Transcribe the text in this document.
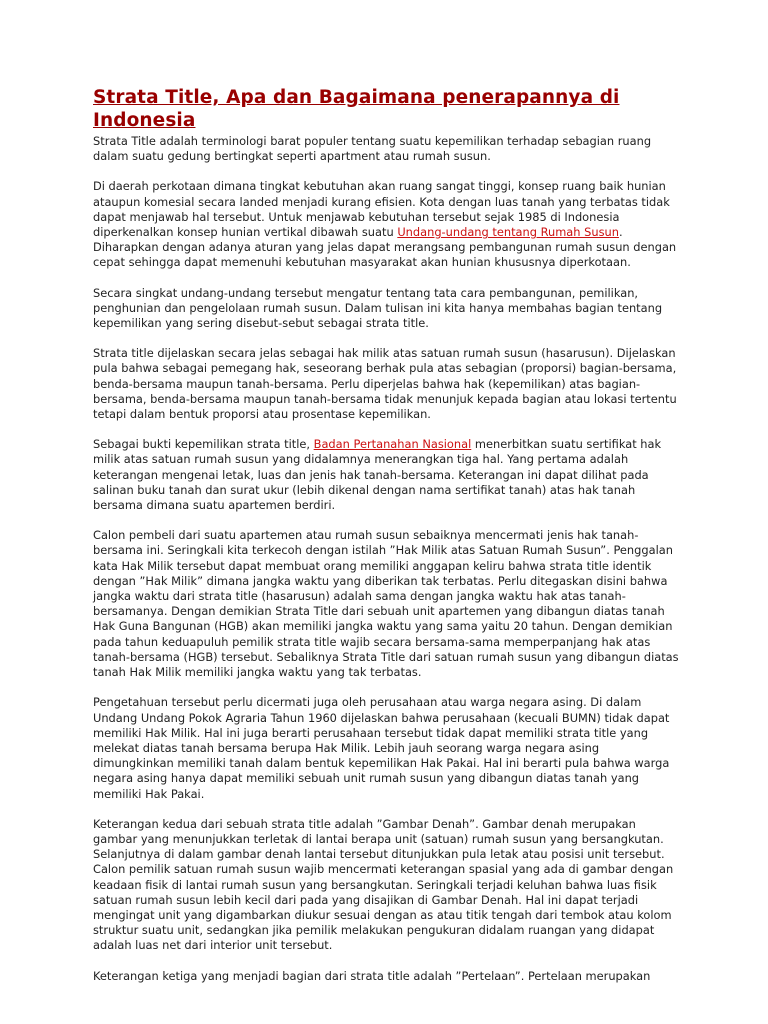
Strata Title, Apa dan Bagaimana penerapannya di Indonesia

Strata Title adalah terminologi barat populer tentang suatu kepemilikan terhadap sebagian ruang dalam suatu gedung bertingkat seperti apartment atau rumah susun.

Di daerah perkotaan dimana tingkat kebutuhan akan ruang sangat tinggi, konsep ruang baik hunian ataupun komesial secara landed menjadi kurang efisien. Kota dengan luas tanah yang terbatas tidak dapat menjawab hal tersebut. Untuk menjawab kebutuhan tersebut sejak 1985 di Indonesia diperkenalkan konsep hunian vertikal dibawah suatu Undang-undang tentang Rumah Susun. Diharapkan dengan adanya aturan yang jelas dapat merangsang pembangunan rumah susun dengan cepat sehingga dapat memenuhi kebutuhan masyarakat akan hunian khususnya diperkotaan.

Secara singkat undang-undang tersebut mengatur tentang tata cara pembangunan, pemilikan, penghunian dan pengelolaan rumah susun. Dalam tulisan ini kita hanya membahas bagian tentang kepemilikan yang sering disebut-sebut sebagai strata title.

Strata title dijelaskan secara jelas sebagai hak milik atas satuan rumah susun (hasarusun). Dijelaskan pula bahwa sebagai pemegang hak, seseorang berhak pula atas sebagian (proporsi) bagian-bersama, benda-bersama maupun tanah-bersama. Perlu diperjelas bahwa hak (kepemilikan) atas bagian-bersama, benda-bersama maupun tanah-bersama tidak menunjuk kepada bagian atau lokasi tertentu tetapi dalam bentuk proporsi atau prosentase kepemilikan.

Sebagai bukti kepemilikan strata title, Badan Pertanahan Nasional menerbitkan suatu sertifikat hak milik atas satuan rumah susun yang didalamnya menerangkan tiga hal. Yang pertama adalah keterangan mengenai letak, luas dan jenis hak tanah-bersama. Keterangan ini dapat dilihat pada salinan buku tanah dan surat ukur (lebih dikenal dengan nama sertifikat tanah) atas hak tanah bersama dimana suatu apartemen berdiri.

Calon pembeli dari suatu apartemen atau rumah susun sebaiknya mencermati jenis hak tanah-bersama ini. Seringkali kita terkecoh dengan istilah ”Hak Milik atas Satuan Rumah Susun”. Penggalan kata Hak Milik tersebut dapat membuat orang memiliki anggapan keliru bahwa strata title identik dengan ”Hak Milik” dimana jangka waktu yang diberikan tak terbatas. Perlu ditegaskan disini bahwa jangka waktu dari strata title (hasarusun) adalah sama dengan jangka waktu hak atas tanah-bersamanya. Dengan demikian Strata Title dari sebuah unit apartemen yang dibangun diatas tanah Hak Guna Bangunan (HGB) akan memiliki jangka waktu yang sama yaitu 20 tahun. Dengan demikian pada tahun keduapuluh pemilik strata title wajib secara bersama-sama memperpanjang hak atas tanah-bersama (HGB) tersebut. Sebaliknya Strata Title dari satuan rumah susun yang dibangun diatas tanah Hak Milik memiliki jangka waktu yang tak terbatas.

Pengetahuan tersebut perlu dicermati juga oleh perusahaan atau warga negara asing. Di dalam Undang Undang Pokok Agraria Tahun 1960 dijelaskan bahwa perusahaan (kecuali BUMN) tidak dapat memiliki Hak Milik. Hal ini juga berarti perusahaan tersebut tidak dapat memiliki strata title yang melekat diatas tanah bersama berupa Hak Milik. Lebih jauh seorang warga negara asing dimungkinkan memiliki tanah dalam bentuk kepemilikan Hak Pakai. Hal ini berarti pula bahwa warga negara asing hanya dapat memiliki sebuah unit rumah susun yang dibangun diatas tanah yang memiliki Hak Pakai.

Keterangan kedua dari sebuah strata title adalah ”Gambar Denah”. Gambar denah merupakan gambar yang menunjukkan terletak di lantai berapa unit (satuan) rumah susun yang bersangkutan. Selanjutnya di dalam gambar denah lantai tersebut ditunjukkan pula letak atau posisi unit tersebut. Calon pemilik satuan rumah susun wajib mencermati keterangan spasial yang ada di gambar dengan keadaan fisik di lantai rumah susun yang bersangkutan. Seringkali terjadi keluhan bahwa luas fisik satuan rumah susun lebih kecil dari pada yang disajikan di Gambar Denah. Hal ini dapat terjadi mengingat unit yang digambarkan diukur sesuai dengan as atau titik tengah dari tembok atau kolom struktur suatu unit, sedangkan jika pemilik melakukan pengukuran didalam ruangan yang didapat adalah luas net dari interior unit tersebut.

Keterangan ketiga yang menjadi bagian dari strata title adalah ”Pertelaan”. Pertelaan merupakan
